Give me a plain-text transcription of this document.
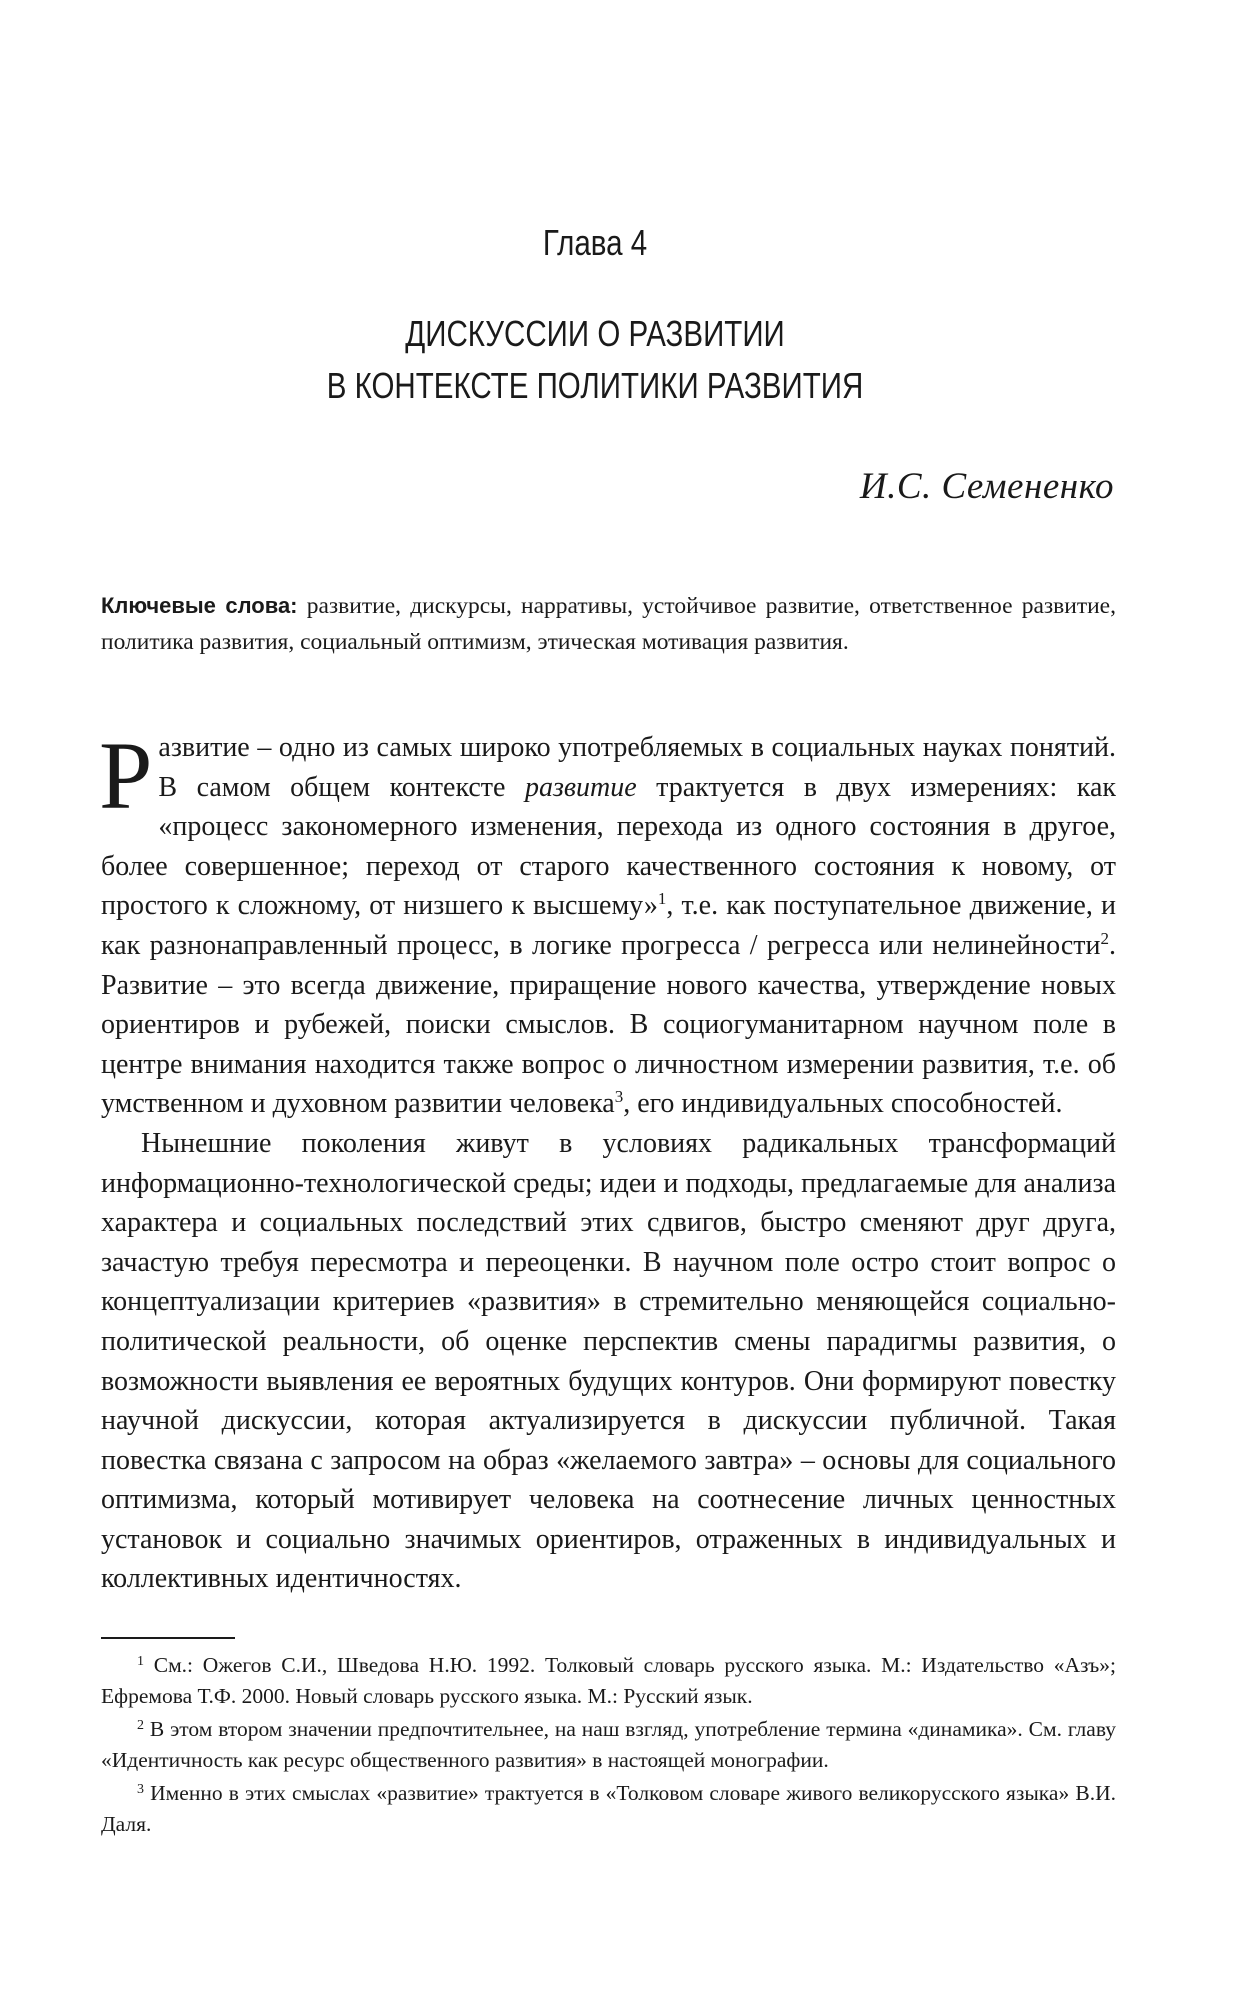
Глава 4
ДИСКУССИИ О РАЗВИТИИ
В КОНТЕКСТЕ ПОЛИТИКИ РАЗВИТИЯ
И.С. Семененко
Ключевые слова: развитие, дискурсы, нарративы, устойчивое развитие, ответственное развитие, политика развития, социальный оптимизм, этическая мотивация развития.

Развитие – одно из самых широко употребляемых в социальных науках понятий. В самом общем контексте развитие трактуется в двух измерениях: как «процесс закономерного изменения, перехода из одного состояния в другое, более совершенное; переход от старого качественного состояния к новому, от простого к сложному, от низшего к высшему»$^1$, т.е. как поступательное движение, и как разнонаправленный процесс, в логике прогресса / регресса или нелинейности$^2$. Развитие – это всегда движение, приращение нового качества, утверждение новых ориентиров и рубежей, поиски смыслов. В социогуманитарном научном поле в центре внимания находится также вопрос о личностном измерении развития, т.е. об умственном и духовном развитии человека$^3$, его индивидуальных способностей.

Нынешние поколения живут в условиях радикальных трансформаций информационно-технологической среды; идеи и подходы, предлагаемые для анализа характера и социальных последствий этих сдвигов, быстро сменяют друг друга, зачастую требуя пересмотра и переоценки. В научном поле остро стоит вопрос о концептуализации критериев «развития» в стремительно меняющейся социально-политической реальности, об оценке перспектив смены парадигмы развития, о возможности выявления ее вероятных будущих контуров. Они формируют повестку научной дискуссии, которая актуализируется в дискуссии публичной. Такая повестка связана с запросом на образ «желаемого завтра» – основы для социального оптимизма, который мотивирует человека на соотнесение личных ценностных установок и социально значимых ориентиров, отраженных в индивидуальных и коллективных идентичностях.

$^1$ См.: Ожегов С.И., Шведова Н.Ю. 1992. Толковый словарь русского языка. М.: Издательство «Азъ»; Ефремова Т.Ф. 2000. Новый словарь русского языка. М.: Русский язык.

$^2$ В этом втором значении предпочтительнее, на наш взгляд, употребление термина «динамика». См. главу «Идентичность как ресурс общественного развития» в настоящей монографии.

$^3$ Именно в этих смыслах «развитие» трактуется в «Толковом словаре живого великорусского языка» В.И. Даля.
